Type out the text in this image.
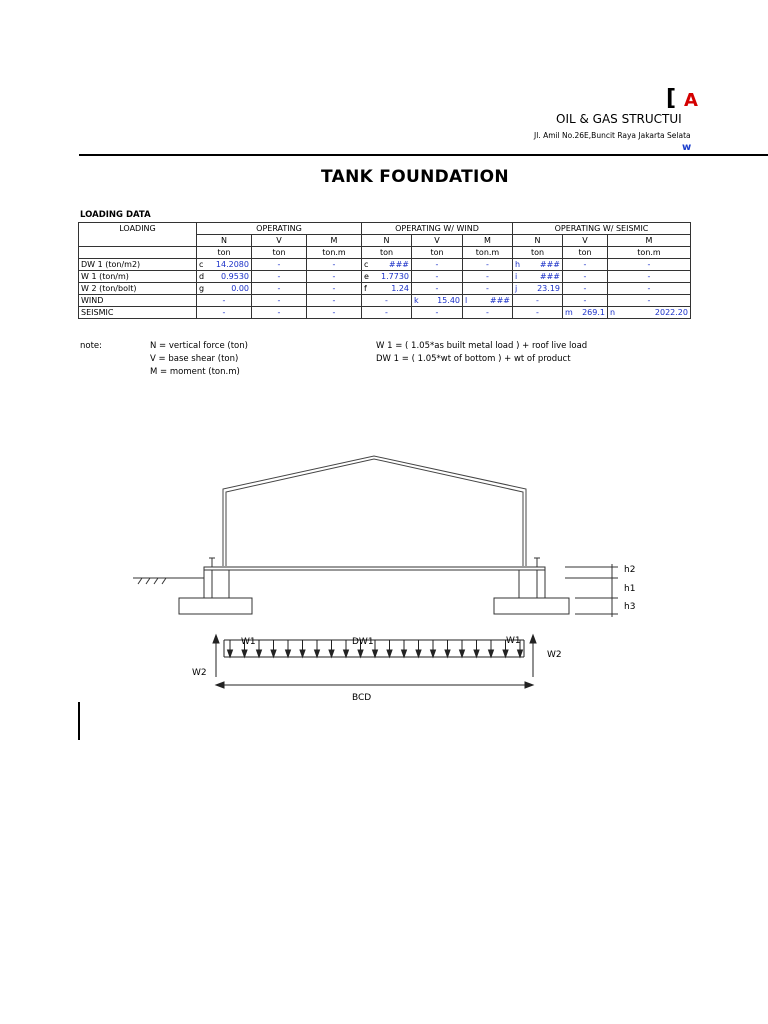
[ A
OIL & GAS STRUCTUI
Jl. Amil No.26E,Buncit Raya Jakarta Selata
w
TANK FOUNDATION
LOADING DATA
LOADING	OPERATING			OPERATING W/ WIND			OPERATING W/ SEISMIC		
	N	V	M	N	V	M	N	V	M
	ton	ton	ton.m	ton	ton	ton.m	ton	ton	ton.m
DW 1 (ton/m2)	c 14.2080	-	-	c ###	-	-	h ###	-	-
W 1 (ton/m)	d 0.9530	-	-	e 1.7730	-	-	i ###	-	-
W 2 (ton/bolt)	g 0.00	-	-	f 1.24	-	-	j 23.19	-	-
WIND	-	-	-	-	k 15.40	l ###	-	-	-
SEISMIC	-	-	-	-	-	-	-	m 269.1	n 2022.20
note:	N = vertical force (ton)
V = base shear (ton)
M = moment (ton.m)
W 1 = ( 1.05*as built metal load ) + roof live load
DW 1 = ( 1.05*wt of bottom ) + wt of product
h2
h1
h3
W1	DW1	W1
W2
W2
BCD
